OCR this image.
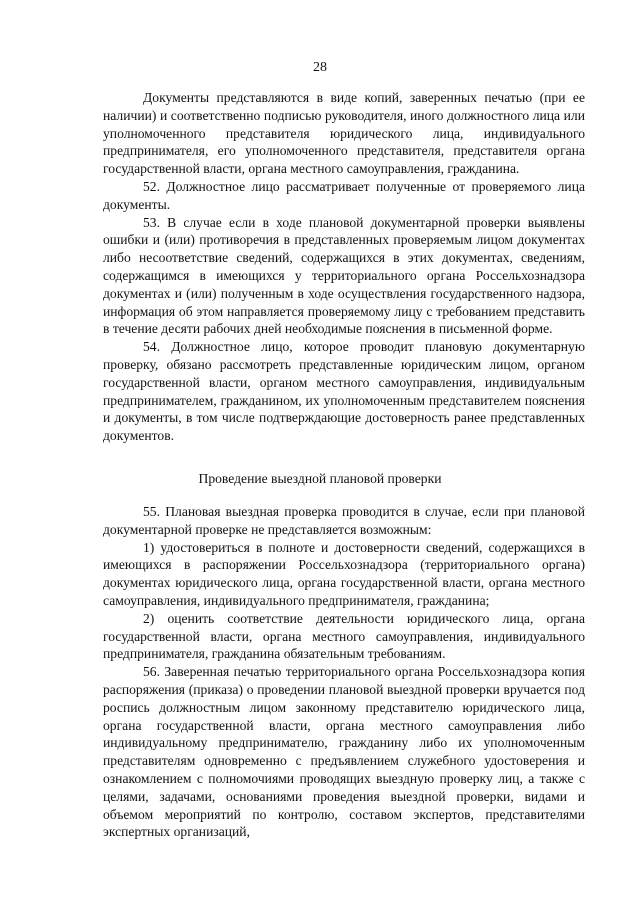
28

Документы представляются в виде копий, заверенных печатью (при ее наличии) и соответственно подписью руководителя, иного должностного лица или уполномоченного представителя юридического лица, индивидуального предпринимателя, его уполномоченного представителя, представителя органа государственной власти, органа местного самоуправления, гражданина.

52. Должностное лицо рассматривает полученные от проверяемого лица документы.

53. В случае если в ходе плановой документарной проверки выявлены ошибки и (или) противоречия в представленных проверяемым лицом документах либо несоответствие сведений, содержащихся в этих документах, сведениям, содержащимся в имеющихся у территориального органа Россельхознадзора документах и (или) полученным в ходе осуществления государственного надзора, информация об этом направляется проверяемому лицу с требованием представить в течение десяти рабочих дней необходимые пояснения в письменной форме.

54. Должностное лицо, которое проводит плановую документарную проверку, обязано рассмотреть представленные юридическим лицом, органом государственной власти, органом местного самоуправления, индивидуальным предпринимателем, гражданином, их уполномоченным представителем пояснения и документы, в том числе подтверждающие достоверность ранее представленных документов.

Проведение выездной плановой проверки

55. Плановая выездная проверка проводится в случае, если при плановой документарной проверке не представляется возможным:

1) удостовериться в полноте и достоверности сведений, содержащихся в имеющихся в распоряжении Россельхознадзора (территориального органа) документах юридического лица, органа государственной власти, органа местного самоуправления, индивидуального предпринимателя, гражданина;

2) оценить соответствие деятельности юридического лица, органа государственной власти, органа местного самоуправления, индивидуального предпринимателя, гражданина обязательным требованиям.

56. Заверенная печатью территориального органа Россельхознадзора копия распоряжения (приказа) о проведении плановой выездной проверки вручается под роспись должностным лицом законному представителю юридического лица, органа государственной власти, органа местного самоуправления либо индивидуальному предпринимателю, гражданину либо их уполномоченным представителям одновременно с предъявлением служебного удостоверения и ознакомлением с полномочиями проводящих выездную проверку лиц, а также с целями, задачами, основаниями проведения выездной проверки, видами и объемом мероприятий по контролю, составом экспертов, представителями экспертных организаций,
